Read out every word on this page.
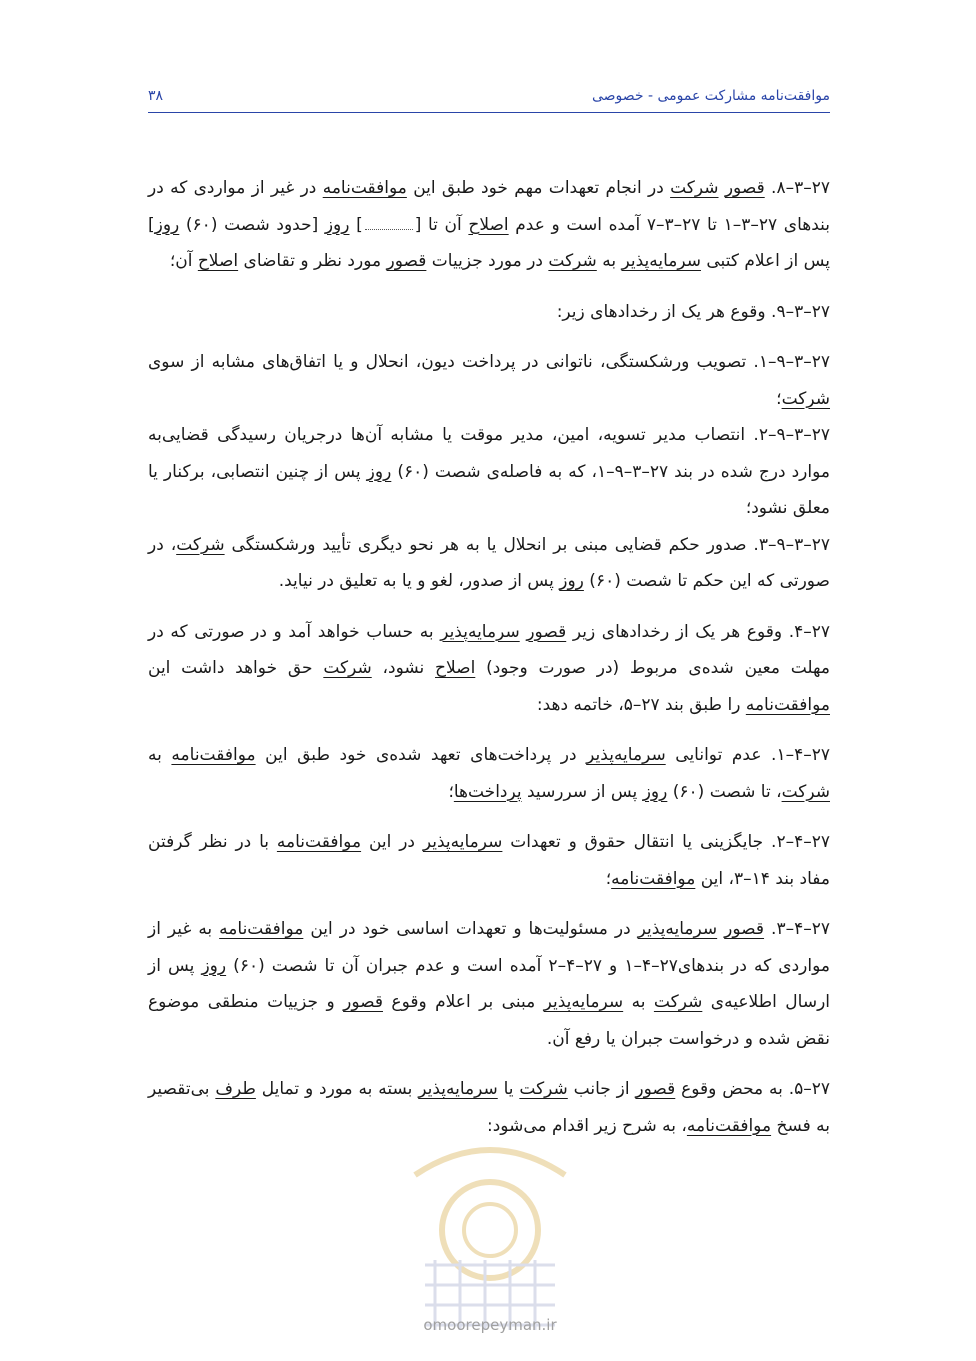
موافقت‌نامه مشارکت عمومی - خصوصی
۳۸

۲۷–۳–۸. قصور شرکت در انجام تعهدات مهم خود طبق این موافقت‌نامه در غیر از مواردی که در بندهای ۲۷–۳–۱ تا ۲۷–۳–۷ آمده است و عدم اصلاح آن تا [] روز [حدود شصت (۶۰) روز] پس از اعلام کتبی سرمایه‌پذیر به شرکت در مورد جزییات قصور مورد نظر و تقاضای اصلاح آن؛

۲۷–۳–۹. وقوع هر یک از رخدادهای زیر:

۲۷–۳–۹–۱. تصویب ورشکستگی، ناتوانی در پرداخت دیون، انحلال و یا اتفاق‌های مشابه از سوی شرکت؛

۲۷–۳–۹–۲. انتصاب مدیر تسویه، امین، مدیر موقت یا مشابه آن‌ها درجریان رسیدگی قضایی‌به موارد درج شده در بند ۲۷–۳–۹–۱، که به فاصله‌ی شصت (۶۰) روز پس از چنین انتصابی، برکنار یا معلق نشود؛

۲۷–۳–۹–۳. صدور حکم قضایی مبنی بر انحلال یا به هر نحو دیگری تأیید ورشکستگی شرکت، در صورتی که این حکم تا شصت (۶۰) روز پس از صدور، لغو و یا به تعلیق در نیاید.

۲۷–۴. وقوع هر یک از رخدادهای زیر قصور سرمایه‌پذیر به حساب خواهد آمد و در صورتی که در مهلت معین شده‌ی مربوط (در صورت وجود) اصلاح نشود، شرکت حق خواهد داشت این موافقت‌نامه را طبق بند ۲۷–۵، خاتمه دهد:

۲۷–۴–۱. عدم توانایی سرمایه‌پذیر در پرداخت‌های تعهد شده‌ی خود طبق این موافقت‌نامه به شرکت، تا شصت (۶۰) روز پس از سررسید پرداخت‌ها؛

۲۷–۴–۲. جایگزینی یا انتقال حقوق و تعهدات سرمایه‌پذیر در این موافقت‌نامه با در نظر گرفتن مفاد بند ۱۴–۳، این موافقت‌نامه؛

۲۷–۴–۳. قصور سرمایه‌پذیر در مسئولیت‌ها و تعهدات اساسی خود در این موافقت‌نامه به غیر از مواردی که در بندهای۲۷–۴–۱ و ۲۷–۴–۲ آمده است و عدم جبران آن تا شصت (۶۰) روز پس از ارسال اطلاعیه‌ی شرکت به سرمایه‌پذیر مبنی بر اعلام وقوع قصور و جزییات منطقی موضوع نقض شده و درخواست جبران یا رفع آن.

۲۷–۵. به محض وقوع قصور از جانب شرکت یا سرمایه‌پذیر بسته به مورد و تمایل طرف بی‌تقصیر به فسخ موافقت‌نامه، به شرح زیر اقدام می‌شود:

omoorepeyman.ir
